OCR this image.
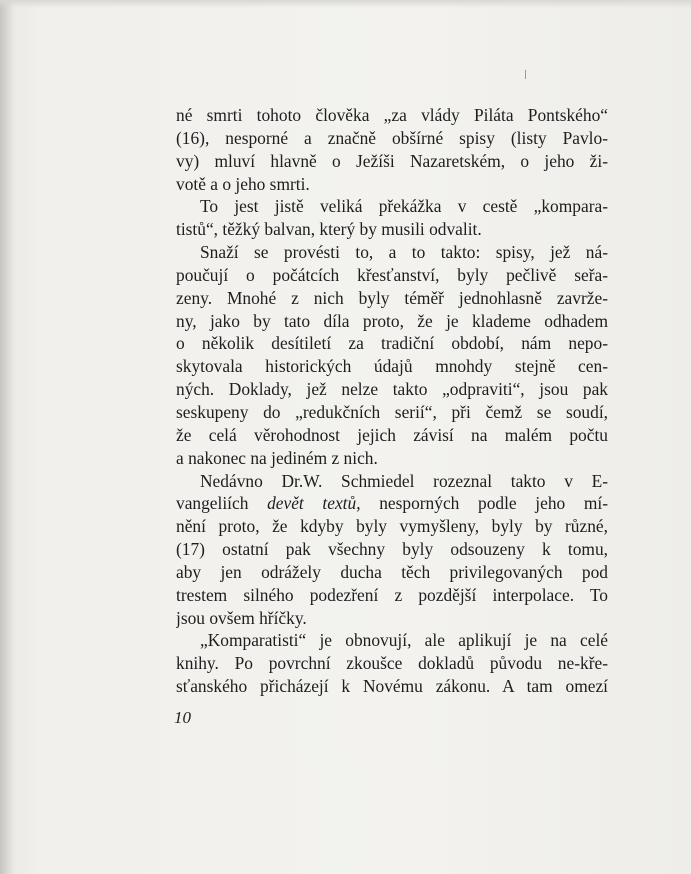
né smrti tohoto člověka „za vlády Piláta Pontského“
(16), nesporné a značně obšírné spisy (listy Pavlo-
vy) mluví hlavně o Ježíši Nazaretském, o jeho ži-
votě a o jeho smrti.
To jest jistě veliká překážka v cestě „kompara-
tistů“, těžký balvan, který by musili odvalit.
Snaží se provésti to, a to takto: spisy, jež ná-
poučují o počátcích křesťanství, byly pečlivě seřa-
zeny. Mnohé z nich byly téměř jednohlasně zavrže-
ny, jako by tato díla proto, že je klademe odhadem
o několik desítiletí za tradiční období, nám nepo-
skytovala historických údajů mnohdy stejně cen-
ných. Doklady, jež nelze takto „odpraviti“, jsou pak
seskupeny do „redukčních serií“, při čemž se soudí,
že celá věrohodnost jejich závisí na malém počtu
a nakonec na jediném z nich.
Nedávno Dr.W. Schmiedel rozeznal takto v E-
vangeliích devět textů, nesporných podle jeho mí-
nění proto, že kdyby byly vymyšleny, byly by různé,
(17) ostatní pak všechny byly odsouzeny k tomu,
aby jen odrážely ducha těch privilegovaných pod
trestem silného podezření z pozdější interpolace. To
jsou ovšem hříčky.
„Komparatisti“ je obnovují, ale aplikují je na celé
knihy. Po povrchní zkoušce dokladů původu ne-kře-
sťanského přicházejí k Novému zákonu. A tam omezí
10
